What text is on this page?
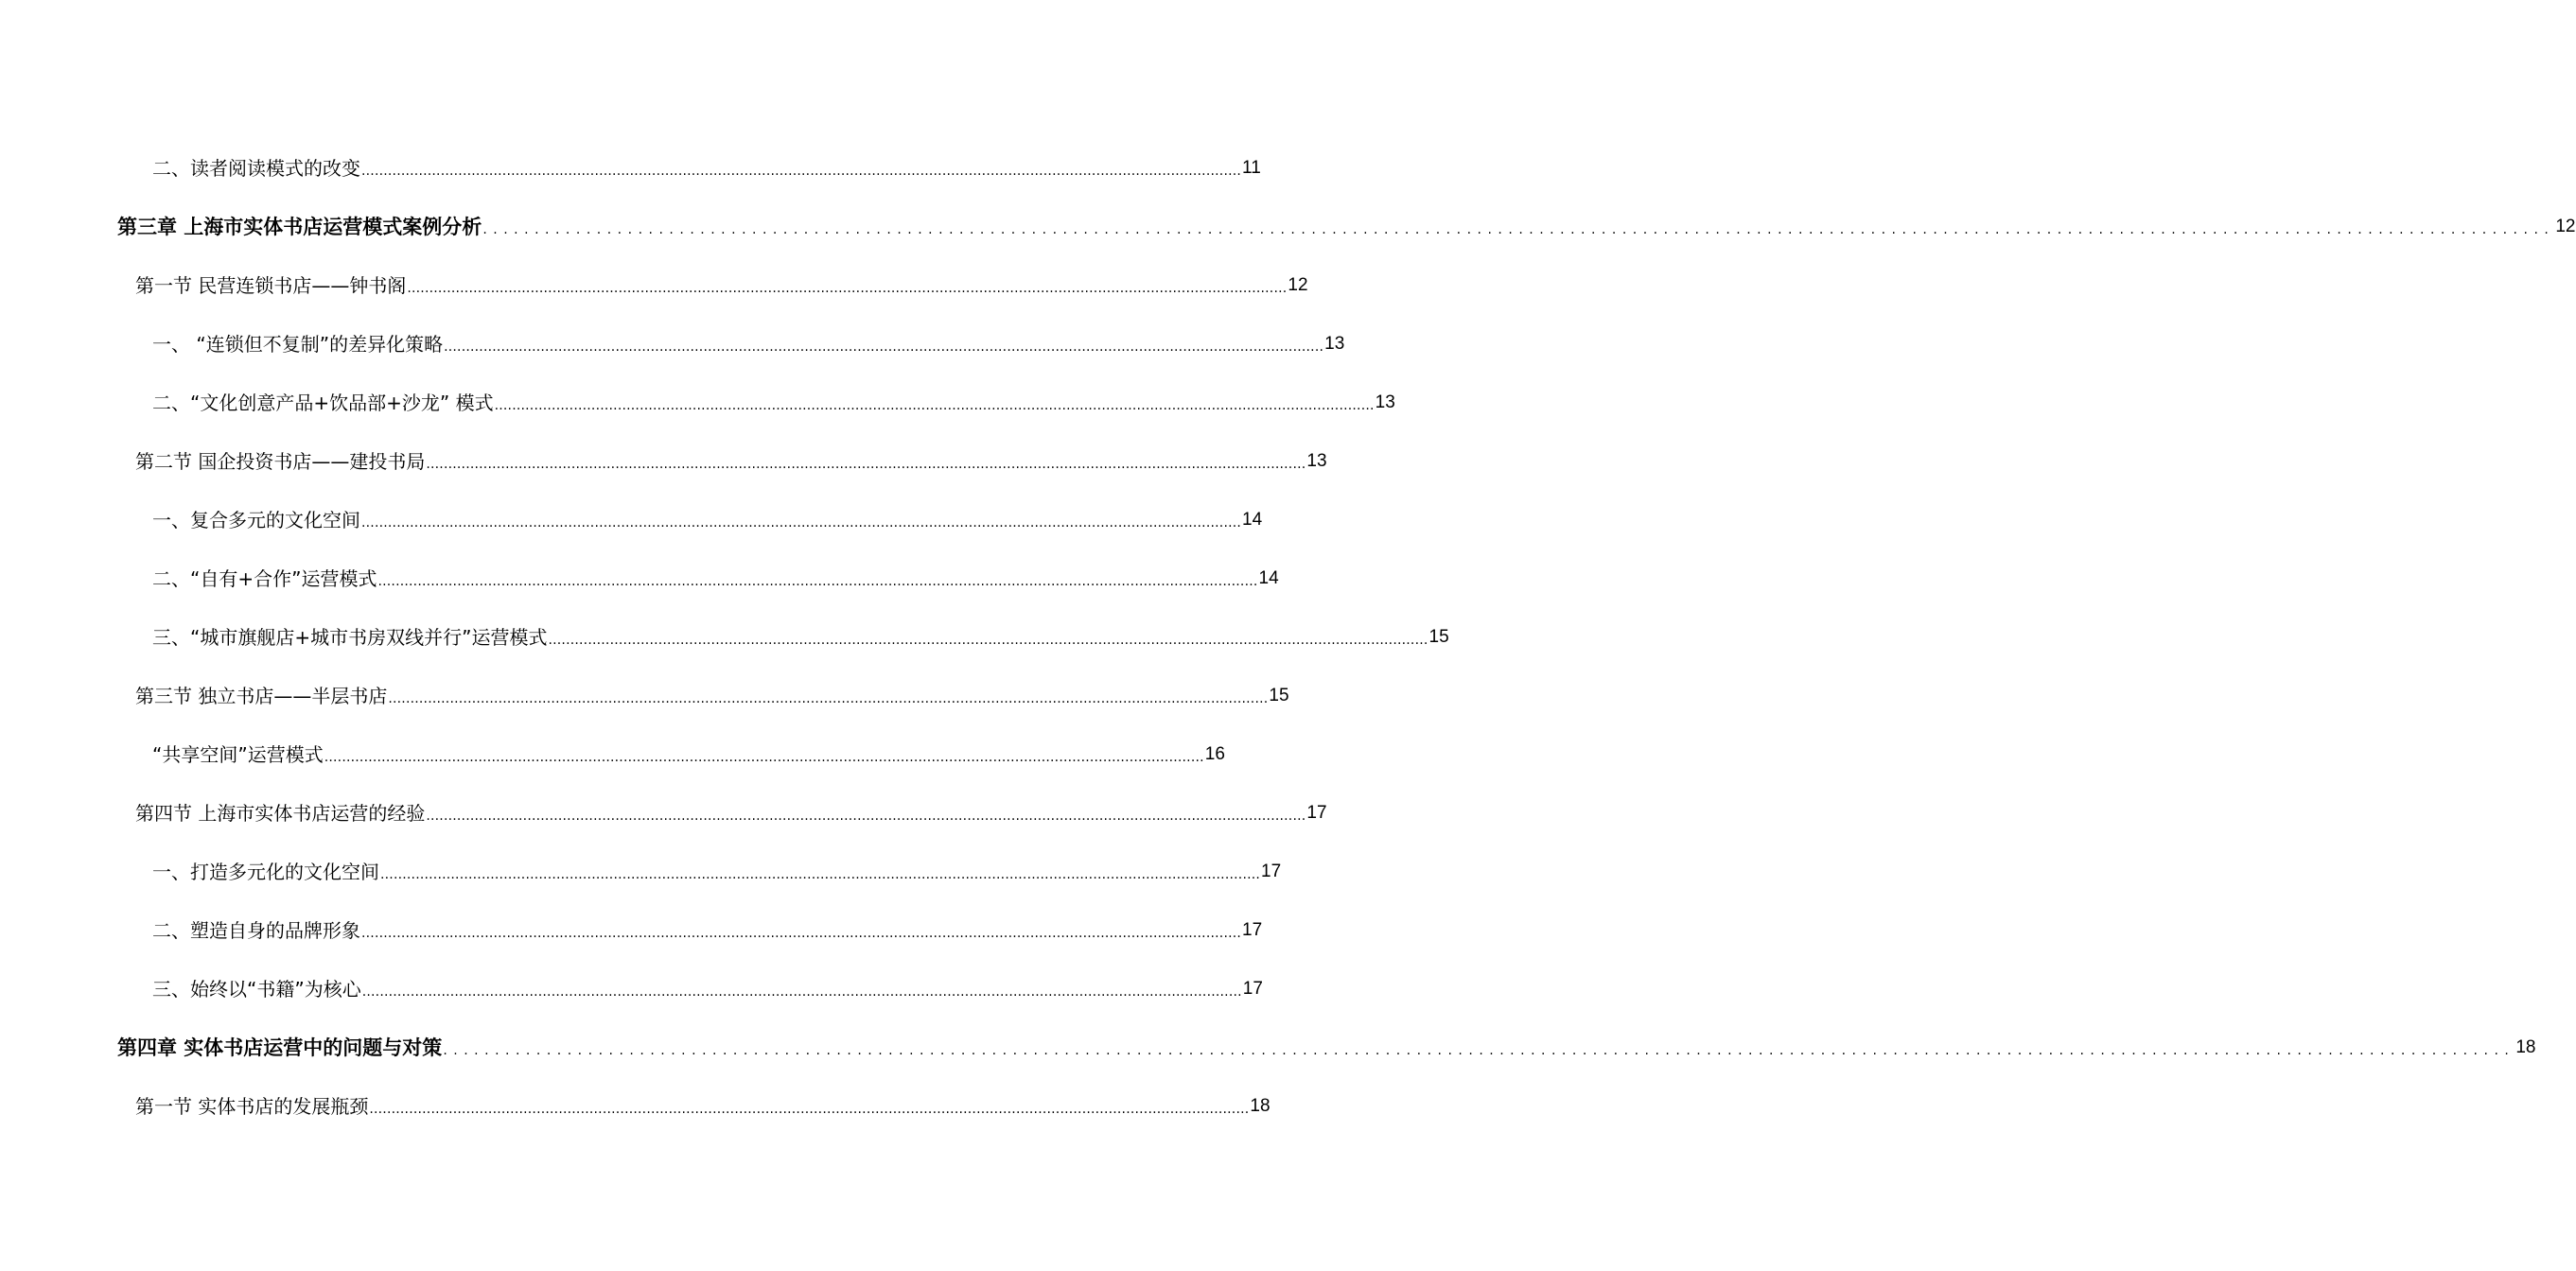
二、读者阅读模式的改变 ........................................................................................................................................................................................................ 11
第三章 上海市实体书店运营模式案例分析 ........................................................................................................................................................................................................ 12
第一节 民营连锁书店——钟书阁 ........................................................................................................................................................................................................ 12
一、 “连锁但不复制”的差异化策略 ........................................................................................................................................................................................................ 13
二、“文化创意产品+饮品部+沙龙” 模式 ........................................................................................................................................................................................................ 13
第二节 国企投资书店——建投书局 ........................................................................................................................................................................................................ 13
一、复合多元的文化空间 ........................................................................................................................................................................................................ 14
二、“自有+合作”运营模式 ........................................................................................................................................................................................................ 14
三、“城市旗舰店+城市书房双线并行”运营模式 ........................................................................................................................................................................................................ 15
第三节 独立书店——半层书店 ........................................................................................................................................................................................................ 15
“共享空间”运营模式 ........................................................................................................................................................................................................ 16
第四节 上海市实体书店运营的经验 ........................................................................................................................................................................................................ 17
一、打造多元化的文化空间 ........................................................................................................................................................................................................ 17
二、塑造自身的品牌形象 ........................................................................................................................................................................................................ 17
三、始终以“书籍”为核心 ........................................................................................................................................................................................................ 17
第四章 实体书店运营中的问题与对策 ........................................................................................................................................................................................................ 18
第一节 实体书店的发展瓶颈 ........................................................................................................................................................................................................ 18
